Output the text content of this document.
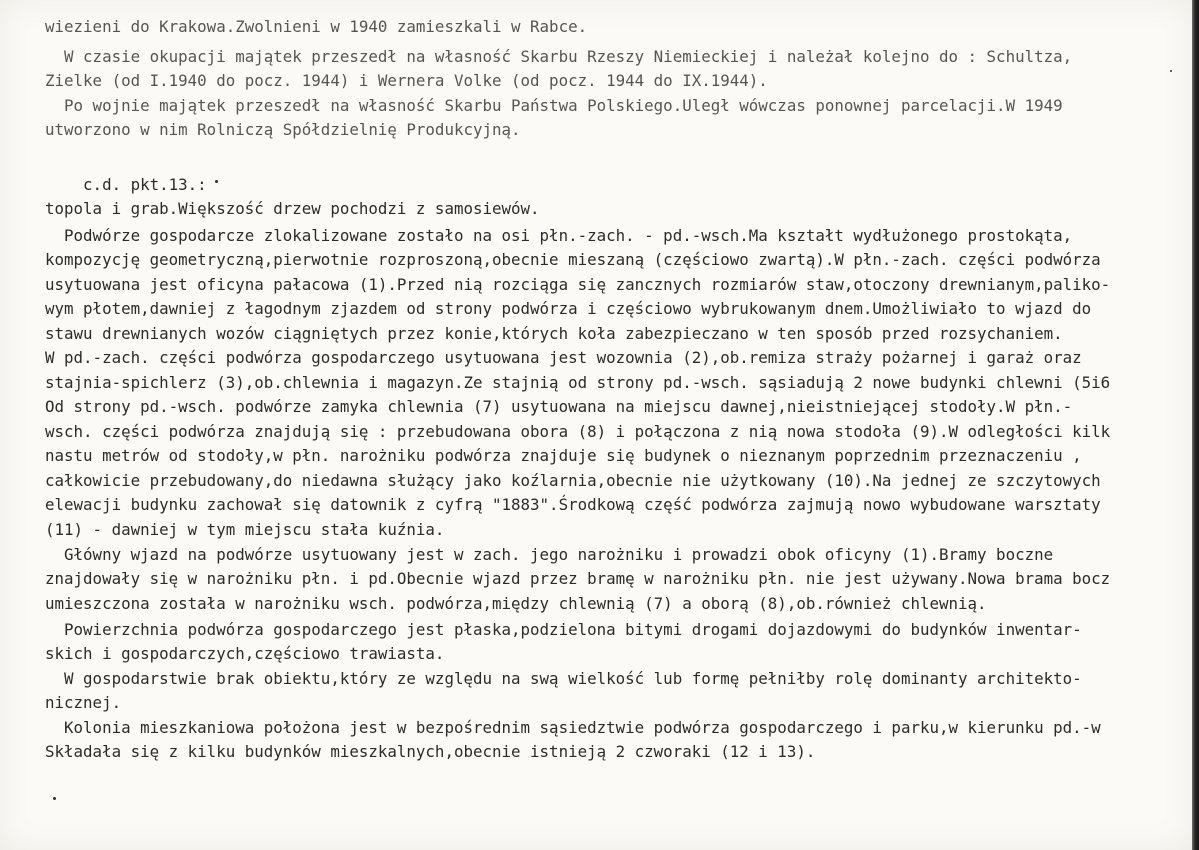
wiezieni do Krakowa.Zwolnieni w 1940 zamieszkali w Rabce.
W czasie okupacji majątek przeszedł na własność Skarbu Rzeszy Niemieckiej i należał kolejno do : Schultza,
Zielke (od I.1940 do pocz. 1944) i Wernera Volke (od pocz. 1944 do IX.1944).
Po wojnie majątek przeszedł na własność Skarbu Państwa Polskiego.Uległ wówczas ponownej parcelacji.W 1949
utworzono w nim Rolniczą Spółdzielnię Produkcyjną.
c.d. pkt.13.:
topola i grab.Większość drzew pochodzi z samosiewów.
Podwórze gospodarcze zlokalizowane zostało na osi płn.-zach. - pd.-wsch.Ma kształt wydłużonego prostokąta,
kompozycję geometryczną,pierwotnie rozproszoną,obecnie mieszaną (częściowo zwartą).W płn.-zach. części podwórza
usytuowana jest oficyna pałacowa (1).Przed nią rozciąga się zancznych rozmiarów staw,otoczony drewnianym,paliko-
wym płotem,dawniej z łagodnym zjazdem od strony podwórza i częściowo wybrukowanym dnem.Umożliwiało to wjazd do
stawu drewnianych wozów ciągniętych przez konie,których koła zabezpieczano w ten sposób przed rozsychaniem.
W pd.-zach. części podwórza gospodarczego usytuowana jest wozownia (2),ob.remiza straży pożarnej i garaż oraz
stajnia-spichlerz (3),ob.chlewnia i magazyn.Ze stajnią od strony pd.-wsch. sąsiadują 2 nowe budynki chlewni (5i6
Od strony pd.-wsch. podwórze zamyka chlewnia (7) usytuowana na miejscu dawnej,nieistniejącej stodoły.W płn.-
wsch. części podwórza znajdują się : przebudowana obora (8) i połączona z nią nowa stodoła (9).W odległości kilk
nastu metrów od stodoły,w płn. narożniku podwórza znajduje się budynek o nieznanym poprzednim przeznaczeniu ,
całkowicie przebudowany,do niedawna służący jako koźlarnia,obecnie nie użytkowany (10).Na jednej ze szczytowych
elewacji budynku zachował się datownik z cyfrą "1883".Środkową część podwórza zajmują nowo wybudowane warsztaty
(11) - dawniej w tym miejscu stała kuźnia.
Główny wjazd na podwórze usytuowany jest w zach. jego narożniku i prowadzi obok oficyny (1).Bramy boczne
znajdowały się w narożniku płn. i pd.Obecnie wjazd przez bramę w narożniku płn. nie jest używany.Nowa brama bocz
umieszczona została w narożniku wsch. podwórza,między chlewnią (7) a oborą (8),ob.również chlewnią.
Powierzchnia podwórza gospodarczego jest płaska,podzielona bitymi drogami dojazdowymi do budynków inwentar-
skich i gospodarczych,częściowo trawiasta.
W gospodarstwie brak obiektu,który ze względu na swą wielkość lub formę pełniłby rolę dominanty architekto-
nicznej.
Kolonia mieszkaniowa położona jest w bezpośrednim sąsiedztwie podwórza gospodarczego i parku,w kierunku pd.-w
Składała się z kilku budynków mieszkalnych,obecnie istnieją 2 czworaki (12 i 13).
